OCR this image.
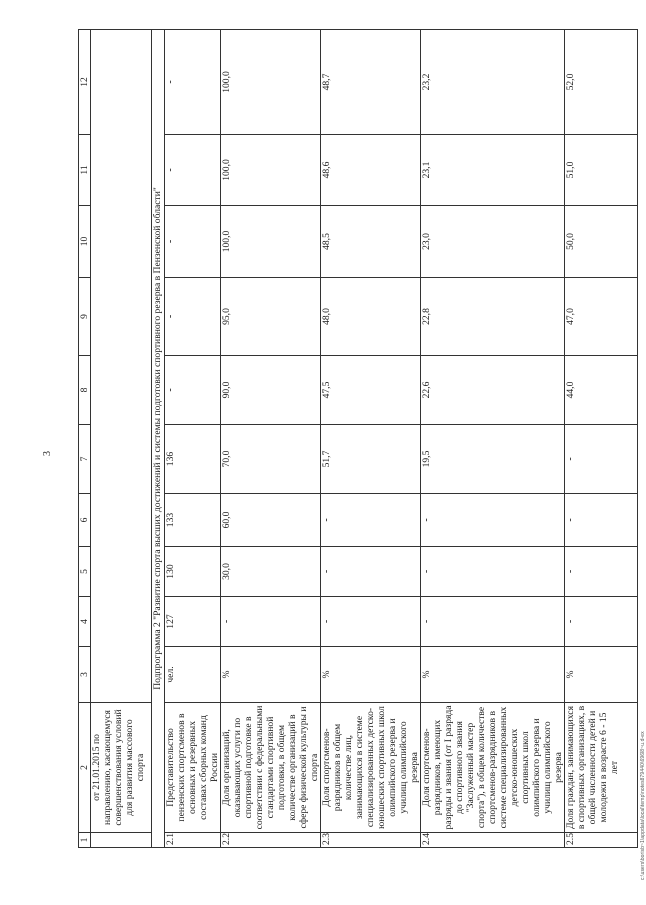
3
1	2	3	4	5	6	7	8	9	10	11	12
	от 21.01.2015 по направлению, касающемуся совершенствования условий для развития массового спорта										
Подпрограмма 2 "Развитие спорта высших достижений и системы подготовки спортивного резерва в Пензенской области"											
2.1	Представительство пензенских спортсменов в основных и резервных составах сборных команд России	чел.	127	130	133	136	-	-	-	-	-
2.2	Доля организаций, оказывающих услуги по спортивной подготовке в соответствии с федеральными стандартами спортивной подготовки, в общем количестве организаций в сфере физической культуры и спорта	%	-	30,0	60,0	70,0	90,0	95,0	100,0	100,0	100,0
2.3	Доля спортсменов-разрядников в общем количестве лиц, занимающихся в системе специализированных детско-юношеских спортивных школ олимпийского резерва и училищ олимпийского резерва	%	-	-	-	51,7	47,5	48,0	48,5	48,6	48,7
2.4	Доля спортсменов-разрядников, имеющих разряды и звания (от I разряда до спортивного звания "Заслуженный мастер спорта"), в общем количестве спортсменов-разрядников в системе специализированных детско-юношеских спортивных школ олимпийского резерва и училищ олимпийского резерва	%	-	-	-	19,5	22,6	22,8	23,0	23,1	23,2
2.5	Доля граждан, занимающихся в спортивных организациях, в общей численности детей и молодежи в возрасте 6 - 15 лет	%	-	-	-	-	44,0	47,0	50,0	51,0	52,0
c:\users\borisb~1\appdata\local\temp\notes879440\696l8~u.d-ex
